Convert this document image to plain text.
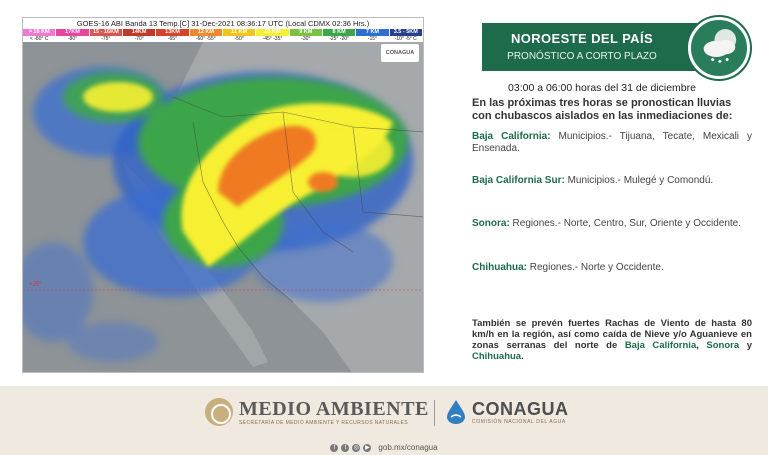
GOES-16 ABI Banda 13 Temp.[C] 31-Dec-2021 08:36:17 UTC (Local CDMX 02:36 Hrs.)
> 18 KM
< -80° C
17KM
-80°
15 - 16KM
-75°
14KM
-70°
13KM
-65°
12 KM
-60° -55°
11 KM
-50°
10 KM
-45° -35°
9 KM
-30°
8 KM
-25° -20°
7 KM
-15°
3.5 - 5KM
-10° -5° C
CONAGUA
+25°
NOROESTE DEL PAÍS
PRONÓSTICO A CORTO PLAZO
03:00 a 06:00 horas del 31 de diciembre
En las próximas tres horas se pronostican lluvias con chubascos aislados en las inmediaciones de:
Baja California: Municipios.- Tijuana, Tecate, Mexicali y Ensenada.
Baja California Sur: Municipios.- Mulegé y Comondú.
Sonora: Regiones.- Norte, Centro, Sur, Oriente y Occidente.
Chihuahua: Regiones.- Norte y Occidente.
También se prevén fuertes Rachas de Viento de hasta 80 km/h en la región, así como caída de Nieve y/o Aguanieve en zonas serranas del norte de Baja California, Sonora y Chihuahua.
MEDIO AMBIENTE
SECRETARÍA DE MEDIO AMBIENTE Y RECURSOS NATURALES
CONAGUA
COMISIÓN NACIONAL DEL AGUA
f	t	◎ ▶ gob.mx/conagua
